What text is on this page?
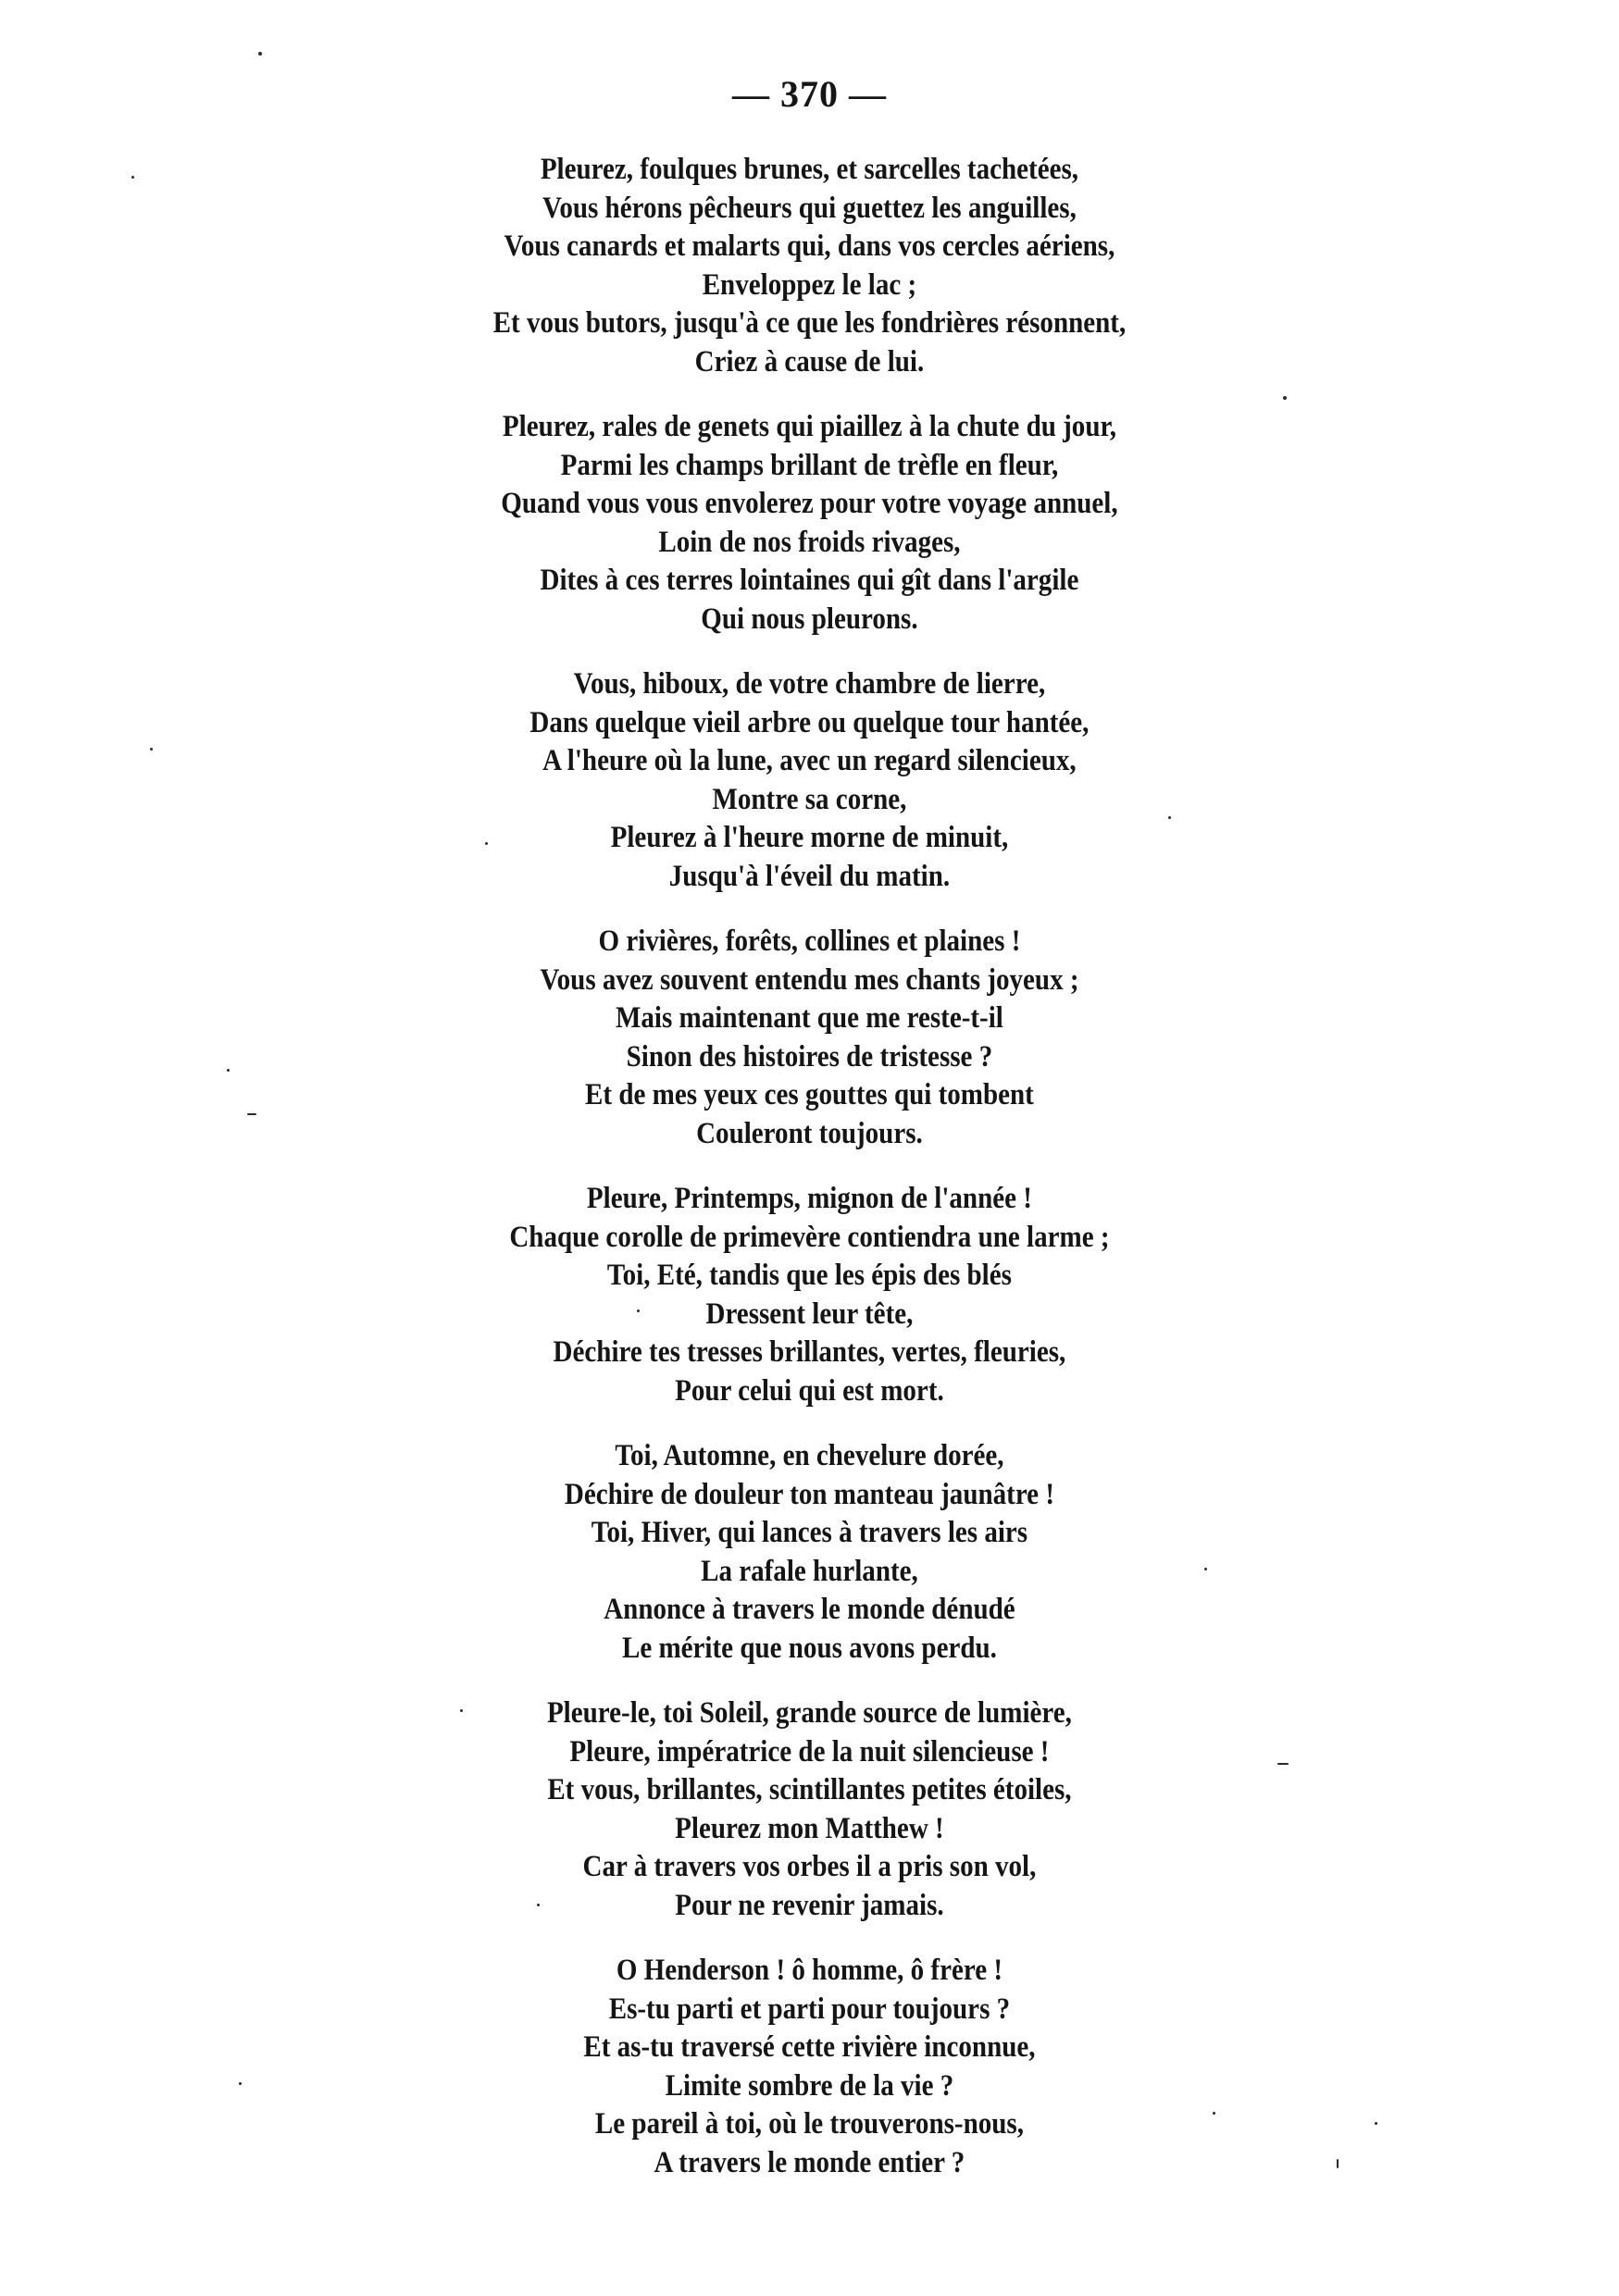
— 370 —
Pleurez, foulques brunes, et sarcelles tachetées,
Vous hérons pêcheurs qui guettez les anguilles,
Vous canards et malarts qui, dans vos cercles aériens,
Enveloppez le lac ;
Et vous butors, jusqu'à ce que les fondrières résonnent,
Criez à cause de lui.
Pleurez, rales de genets qui piaillez à la chute du jour,
Parmi les champs brillant de trèfle en fleur,
Quand vous vous envolerez pour votre voyage annuel,
Loin de nos froids rivages,
Dites à ces terres lointaines qui gît dans l'argile
Qui nous pleurons.
Vous, hiboux, de votre chambre de lierre,
Dans quelque vieil arbre ou quelque tour hantée,
A l'heure où la lune, avec un regard silencieux,
Montre sa corne,
Pleurez à l'heure morne de minuit,
Jusqu'à l'éveil du matin.
O rivières, forêts, collines et plaines !
Vous avez souvent entendu mes chants joyeux ;
Mais maintenant que me reste-t-il
Sinon des histoires de tristesse ?
Et de mes yeux ces gouttes qui tombent
Couleront toujours.
Pleure, Printemps, mignon de l'année !
Chaque corolle de primevère contiendra une larme ;
Toi, Eté, tandis que les épis des blés
Dressent leur tête,
Déchire tes tresses brillantes, vertes, fleuries,
Pour celui qui est mort.
Toi, Automne, en chevelure dorée,
Déchire de douleur ton manteau jaunâtre !
Toi, Hiver, qui lances à travers les airs
La rafale hurlante,
Annonce à travers le monde dénudé
Le mérite que nous avons perdu.
Pleure-le, toi Soleil, grande source de lumière,
Pleure, impératrice de la nuit silencieuse !
Et vous, brillantes, scintillantes petites étoiles,
Pleurez mon Matthew !
Car à travers vos orbes il a pris son vol,
Pour ne revenir jamais.
O Henderson ! ô homme, ô frère !
Es-tu parti et parti pour toujours ?
Et as-tu traversé cette rivière inconnue,
Limite sombre de la vie ?
Le pareil à toi, où le trouverons-nous,
A travers le monde entier ?
